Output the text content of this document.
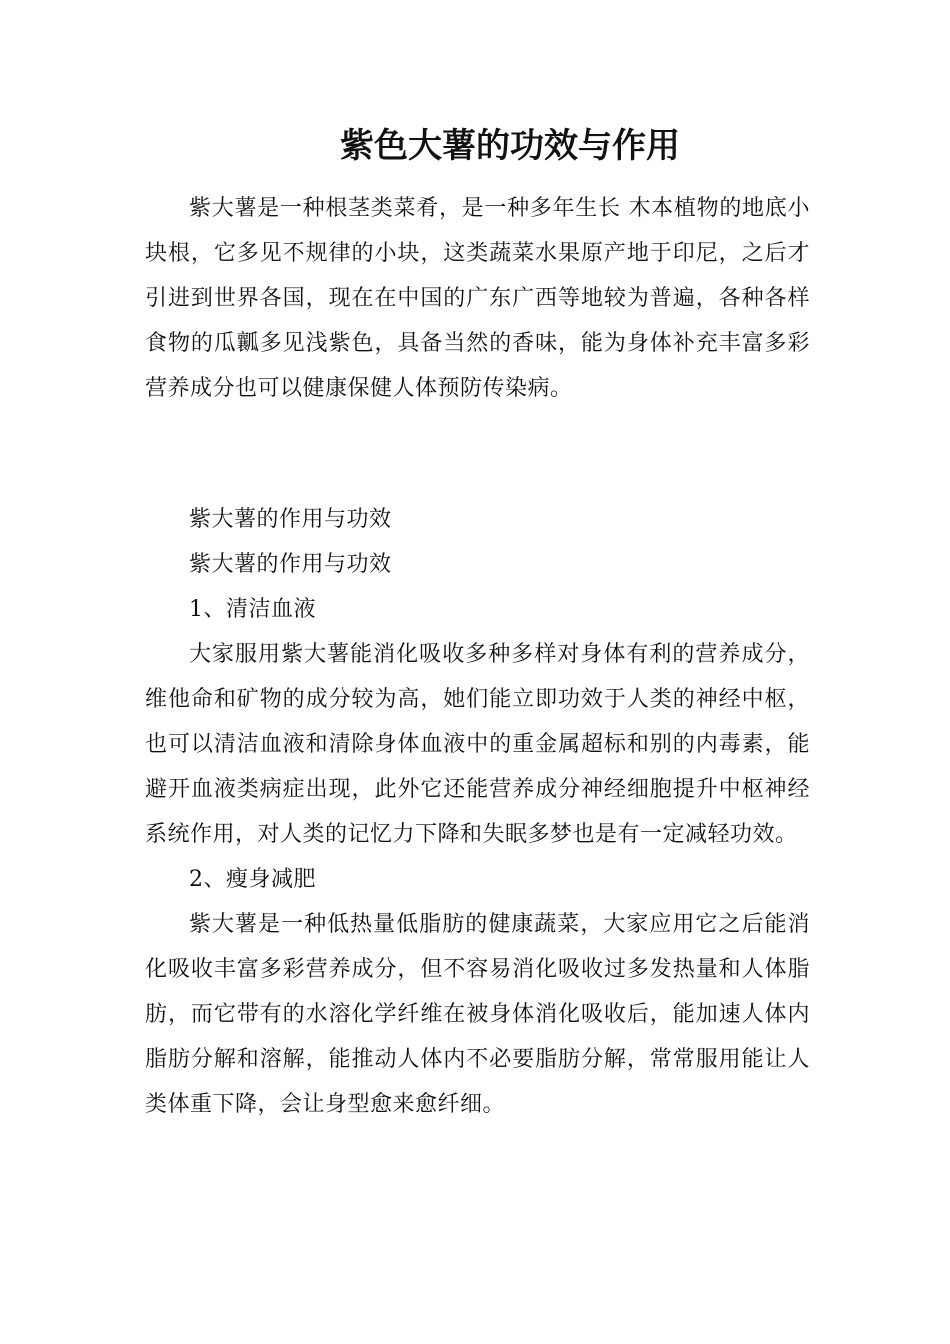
紫色大薯的功效与作用

紫大薯是一种根茎类菜肴，是一种多年生长 木本植物的地底小块根，它多见不规律的小块，这类蔬菜水果原产地于印尼，之后才引进到世界各国，现在在中国的广东广西等地较为普遍，各种各样食物的瓜瓤多见浅紫色，具备当然的香味，能为身体补充丰富多彩营养成分也可以健康保健人体预防传染病。

紫大薯的作用与功效

紫大薯的作用与功效

1、清洁血液

大家服用紫大薯能消化吸收多种多样对身体有利的营养成分，维他命和矿物的成分较为高，她们能立即功效于人类的神经中枢，也可以清洁血液和清除身体血液中的重金属超标和别的内毒素，能避开血液类病症出现，此外它还能营养成分神经细胞提升中枢神经系统作用，对人类的记忆力下降和失眠多梦也是有一定减轻功效。

2、瘦身减肥

紫大薯是一种低热量低脂肪的健康蔬菜，大家应用它之后能消化吸收丰富多彩营养成分，但不容易消化吸收过多发热量和人体脂肪，而它带有的水溶化学纤维在被身体消化吸收后，能加速人体内脂肪分解和溶解，能推动人体内不必要脂肪分解，常常服用能让人类体重下降，会让身型愈来愈纤细。
